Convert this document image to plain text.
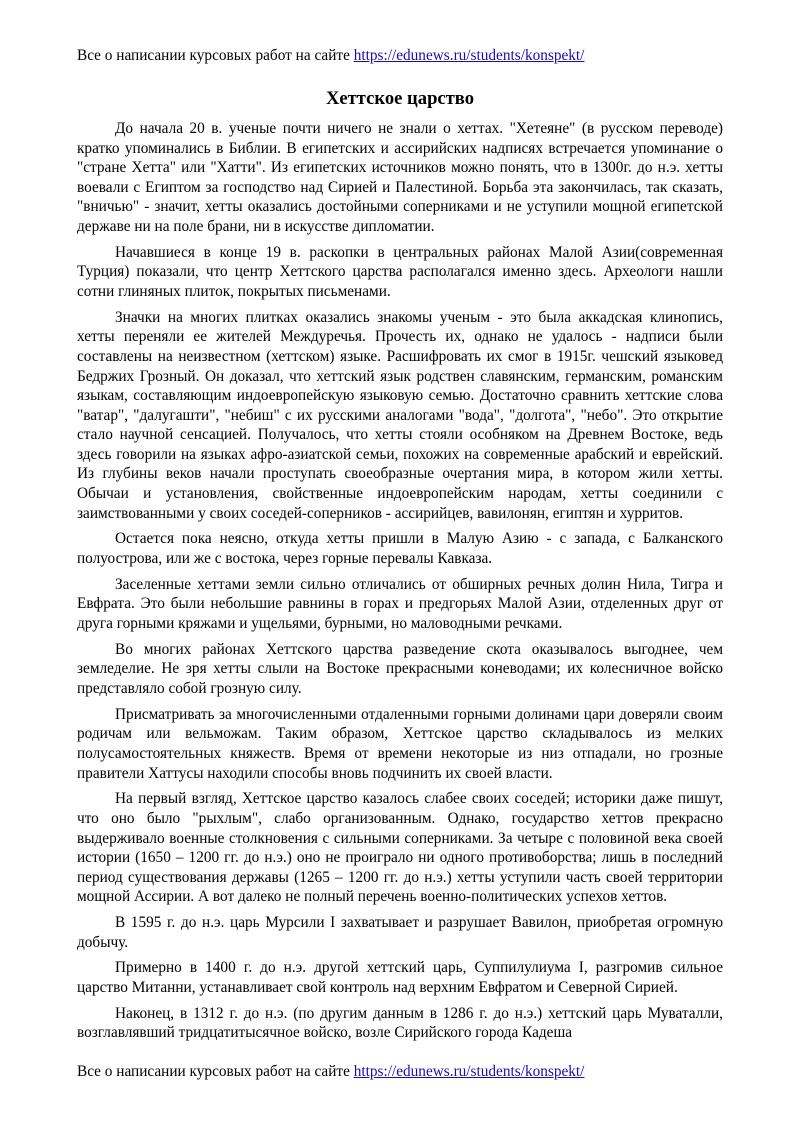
Все о написании курсовых работ на сайте https://edunews.ru/students/konspekt/
Хеттское царство

До начала 20 в. ученые почти ничего не знали о хеттах. "Хетеяне" (в русском переводе) кратко упоминались в Библии. В египетских и ассирийских надписях встречается упоминание о "стране Хетта" или "Хатти". Из египетских источников можно понять, что в 1300г. до н.э. хетты воевали с Египтом за господство над Сирией и Палестиной. Борьба эта закончилась, так сказать, "вничью" - значит, хетты оказались достойными соперниками и не уступили мощной египетской державе ни на поле брани, ни в искусстве дипломатии.

Начавшиеся в конце 19 в. раскопки в центральных районах Малой Азии(современная Турция) показали, что центр Хеттского царства располагался именно здесь. Археологи нашли сотни глиняных плиток, покрытых письменами.

Значки на многих плитках оказались знакомы ученым - это была аккадская клинопись, хетты переняли ее жителей Междуречья. Прочесть их, однако не удалось - надписи были составлены на неизвестном (хеттском) языке. Расшифровать их смог в 1915г. чешский языковед Бедржих Грозный. Он доказал, что хеттский язык родствен славянским, германским, романским языкам, составляющим индоевропейскую языковую семью. Достаточно сравнить хеттские слова "ватар", "далугашти", "небиш" с их русскими аналогами "вода", "долгота", "небо". Это открытие стало научной сенсацией. Получалось, что хетты стояли особняком на Древнем Востоке, ведь здесь говорили на языках афро-азиатской семьи, похожих на современные арабский и еврейский. Из глубины веков начали проступать своеобразные очертания мира, в котором жили хетты. Обычаи и установления, свойственные индоевропейским народам, хетты соединили с заимствованными у своих соседей-соперников - ассирийцев, вавилонян, египтян и хурритов.

Остается пока неясно, откуда хетты пришли в Малую Азию - с запада, с Балканского полуострова, или же с востока, через горные перевалы Кавказа.

Заселенные хеттами земли сильно отличались от обширных речных долин Нила, Тигра и Евфрата. Это были небольшие равнины в горах и предгорьях Малой Азии, отделенных друг от друга горными кряжами и ущельями, бурными, но маловодными речками.

Во многих районах Хеттского царства разведение скота оказывалось выгоднее, чем земледелие. Не зря хетты слыли на Востоке прекрасными коневодами; их колесничное войско представляло собой грозную силу.

Присматривать за многочисленными отдаленными горными долинами цари доверяли своим родичам или вельможам. Таким образом, Хеттское царство складывалось из мелких полусамостоятельных княжеств. Время от времени некоторые из низ отпадали, но грозные правители Хаттусы находили способы вновь подчинить их своей власти.

На первый взгляд, Хеттское царство казалось слабее своих соседей; историки даже пишут, что оно было "рыхлым", слабо организованным. Однако, государство хеттов прекрасно выдерживало военные столкновения с сильными соперниками. За четыре с половиной века своей истории (1650 – 1200 гг. до н.э.) оно не проиграло ни одного противоборства; лишь в последний период существования державы (1265 – 1200 гг. до н.э.) хетты уступили часть своей территории мощной Ассирии. А вот далеко не полный перечень военно-политических успехов хеттов.

В 1595 г. до н.э. царь Мурсили I захватывает и разрушает Вавилон, приобретая огромную добычу.

Примерно в 1400 г. до н.э. другой хеттский царь, Суппилулиума I, разгромив сильное царство Митанни, устанавливает свой контроль над верхним Евфратом и Северной Сирией.

Наконец, в 1312 г. до н.э. (по другим данным в 1286 г. до н.э.) хеттский царь Муваталли, возглавлявший тридцатитысячное войско, возле Сирийского города Кадеша

Все о написании курсовых работ на сайте https://edunews.ru/students/konspekt/
